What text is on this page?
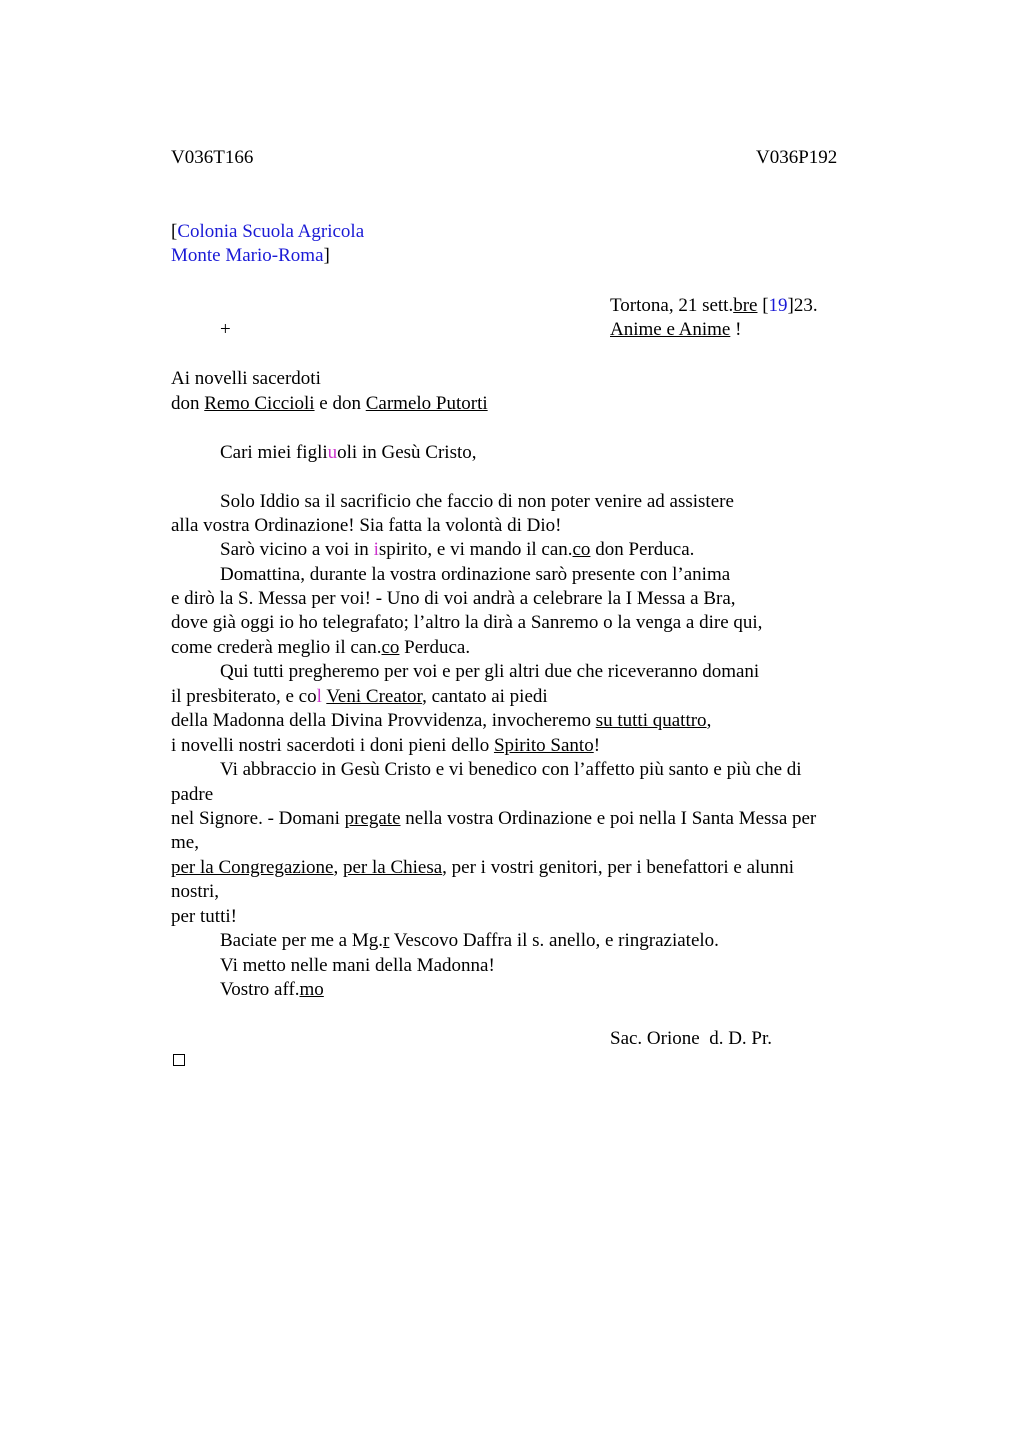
V036T166	V036P192
[Colonia Scuola Agricola
Monte Mario-Roma]
Tortona, 21 sett.bre [19]23.
+	Anime e Anime !
Ai novelli sacerdoti
don Remo Ciccioli e don Carmelo Putorti
Cari miei figliuoli in Gesù Cristo,
Solo Iddio sa il sacrificio che faccio di non poter venire ad assistere
alla vostra Ordinazione! Sia fatta la volontà di Dio!
Sarò vicino a voi in ispirito, e vi mando il can.co don Perduca.
Domattina, durante la vostra ordinazione sarò presente con l’anima
e dirò la S. Messa per voi! - Uno di voi andrà a celebrare la I Messa a Bra,
dove già oggi io ho telegrafato; l’altro la dirà a Sanremo o la venga a dire qui,
come crederà meglio il can.co Perduca.
Qui tutti pregheremo per voi e per gli altri due che riceveranno domani
il presbiterato, e col Veni Creator, cantato ai piedi
della Madonna della Divina Provvidenza, invocheremo su tutti quattro,
i novelli nostri sacerdoti i doni pieni dello Spirito Santo!
Vi abbraccio in Gesù Cristo e vi benedico con l’affetto più santo e più che di
padre
nel Signore. - Domani pregate nella vostra Ordinazione e poi nella I Santa Messa per
me,
per la Congregazione, per la Chiesa, per i vostri genitori, per i benefattori e alunni
nostri,
per tutti!
Baciate per me a Mg.r Vescovo Daffra il s. anello, e ringraziatelo.
Vi metto nelle mani della Madonna!
Vostro aff.mo
Sac. Orione  d. D. Pr.
